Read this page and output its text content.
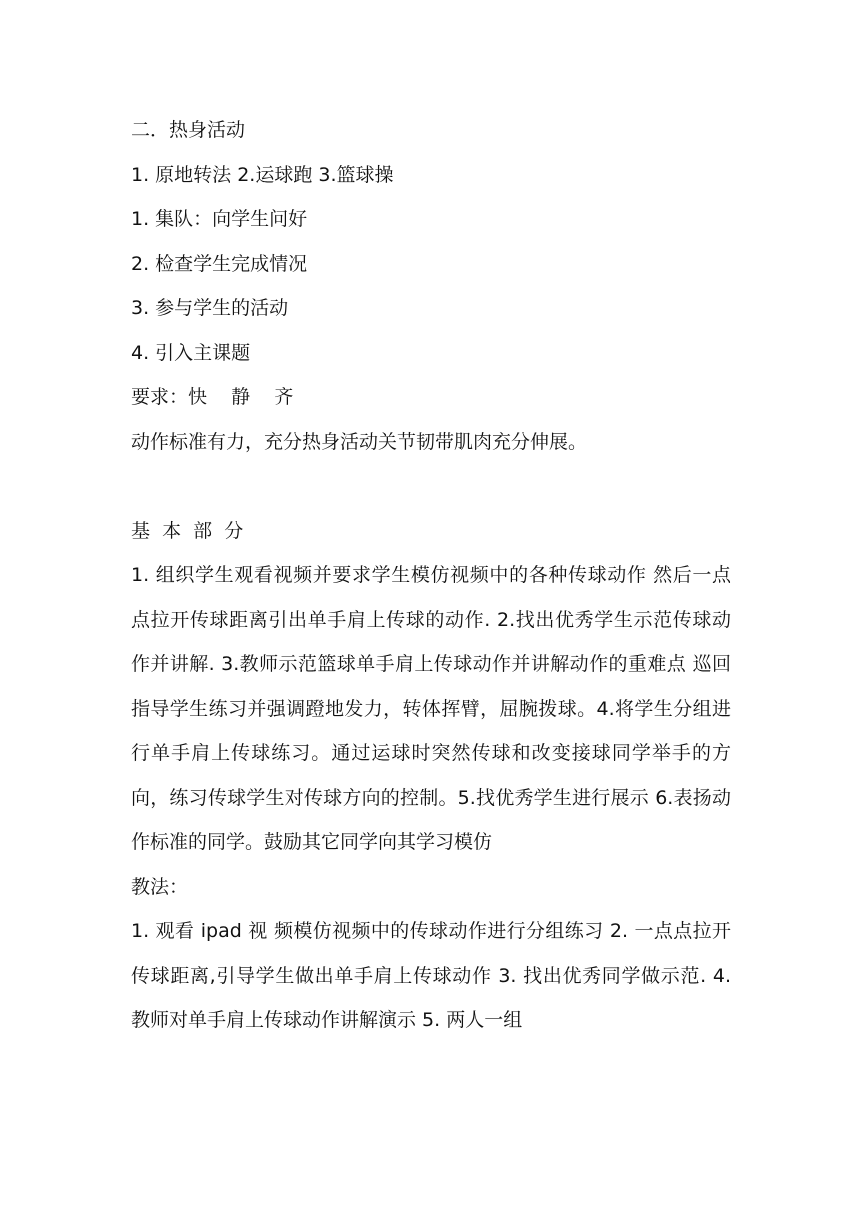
二．热身活动

1. 原地转法 2.运球跑 3.篮球操

1. 集队：向学生问好

2. 检查学生完成情况

3. 参与学生的活动

4. 引入主课题

要求：快    静    齐

动作标准有力，充分热身活动关节韧带肌肉充分伸展。

基  本  部  分

1. 组织学生观看视频并要求学生模仿视频中的各种传球动作 然后一点点拉开传球距离引出单手肩上传球的动作. 2.找出优秀学生示范传球动作并讲解. 3.教师示范篮球单手肩上传球动作并讲解动作的重难点 巡回指导学生练习并强调蹬地发力，转体挥臂，屈腕拨球。4.将学生分组进行单手肩上传球练习。通过运球时突然传球和改变接球同学举手的方向，练习传球学生对传球方向的控制。5.找优秀学生进行展示 6.表扬动作标准的同学。鼓励其它同学向其学习模仿

教法：

1. 观看 ipad 视 频模仿视频中的传球动作进行分组练习 2. 一点点拉开传球距离,引导学生做出单手肩上传球动作 3. 找出优秀同学做示范. 4. 教师对单手肩上传球动作讲解演示 5. 两人一组
